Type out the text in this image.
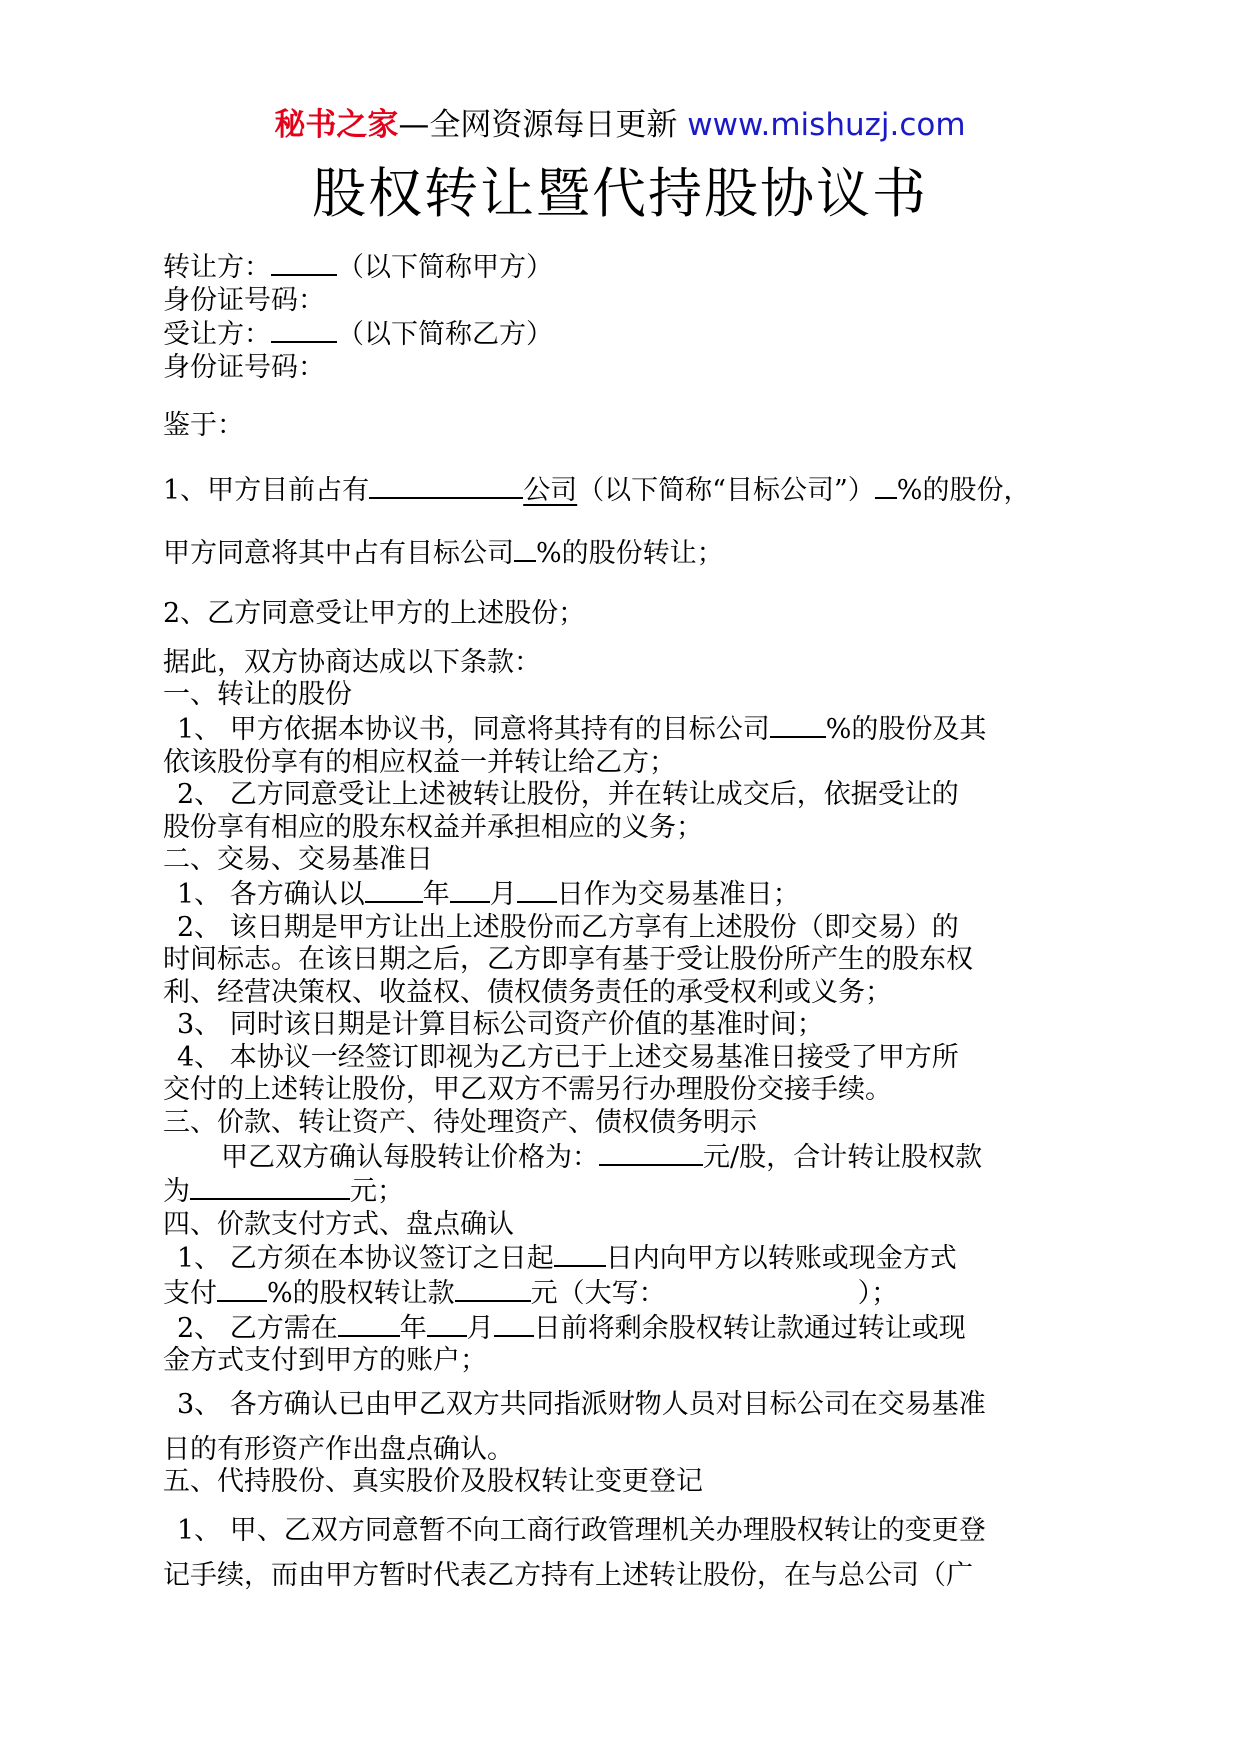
秘书之家—全网资源每日更新 www.mishuzj.com
股权转让暨代持股协议书
转让方： （以下简称甲方）
身份证号码：
受让方： （以下简称乙方）
身份证号码：
鉴于：
1、甲方目前占有	公司（以下简称“目标公司”） %的股份，
甲方同意将其中占有目标公司 %的股份转让；
2、乙方同意受让甲方的上述股份；
据此，双方协商达成以下条款：
一、转让的股份
1、 甲方依据本协议书，同意将其持有的目标公司 %的股份及其
依该股份享有的相应权益一并转让给乙方；
2、 乙方同意受让上述被转让股份，并在转让成交后，依据受让的
股份享有相应的股东权益并承担相应的义务；
二、交易、交易基准日
1、 各方确认以 年 月 日作为交易基准日；
2、 该日期是甲方让出上述股份而乙方享有上述股份（即交易）的
时间标志。在该日期之后，乙方即享有基于受让股份所产生的股东权
利、经营决策权、收益权、债权债务责任的承受权利或义务；
3、 同时该日期是计算目标公司资产价值的基准时间；
4、 本协议一经签订即视为乙方已于上述交易基准日接受了甲方所
交付的上述转让股份，甲乙双方不需另行办理股份交接手续。
三、价款、转让资产、待处理资产、债权债务明示
甲乙双方确认每股转让价格为：	元/股，合计转让股权款
为	元；
四、价款支付方式、盘点确认
1、 乙方须在本协议签订之日起 日内向甲方以转账或现金方式
支付 %的股权转让款	元（大写：	）；
2、 乙方需在 年 月 日前将剩余股权转让款通过转让或现
金方式支付到甲方的账户；
3、 各方确认已由甲乙双方共同指派财物人员对目标公司在交易基准
日的有形资产作出盘点确认。
五、代持股份、真实股价及股权转让变更登记
1、 甲、乙双方同意暂不向工商行政管理机关办理股权转让的变更登
记手续，而由甲方暂时代表乙方持有上述转让股份，在与总公司（广
